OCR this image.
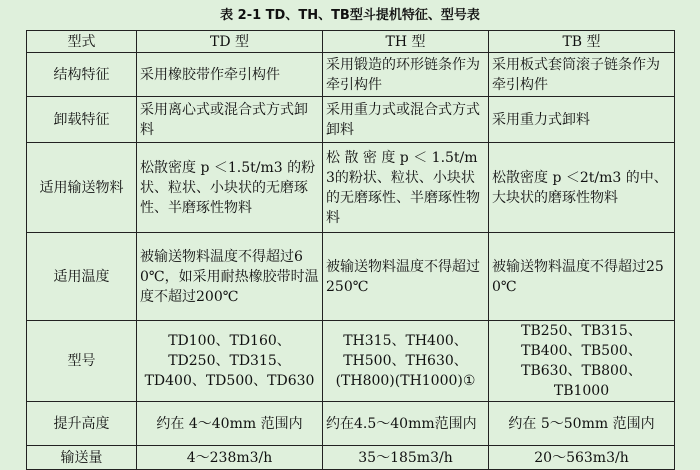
表 2-1 TD、TH、TB型斗提机特征、型号表
型式	TD 型	TH 型	TB 型
结构特征	采用橡胶带作牵引构件	采用锻造的环形链条作为牵引构件	采用板式套筒滚子链条作为牵引构件
卸载特征	采用离心式或混合式方式卸料	采用重力式或混合式方式卸料	采用重力式卸料
适用输送物料	松散密度 p ＜1.5t/m3 的粉状、粒状、小块状的无磨琢性、半磨琢性物料	松 散 密 度 p ＜ 1.5t/m3的粉状、粒状、小块状的无磨琢性、半磨琢性物料	松散密度 p ＜2t/m3 的中、大块状的磨琢性物料
适用温度	被输送物料温度不得超过60℃，如采用耐热橡胶带时温度不超过200℃	被输送物料温度不得超过250℃	被输送物料温度不得超过250℃
型号	TD100、TD160、TD250、TD315、TD400、TD500、TD630	TH315、TH400、TH500、TH630、(TH800)(TH1000)①	TB250、TB315、TB400、TB500、TB630、TB800、 TB1000
提升高度	约在 4～40mm 范围内	约在4.5～40mm范围内	约在 5～50mm 范围内
输送量	4～238m3/h	35～185m3/h	20～563m3/h
